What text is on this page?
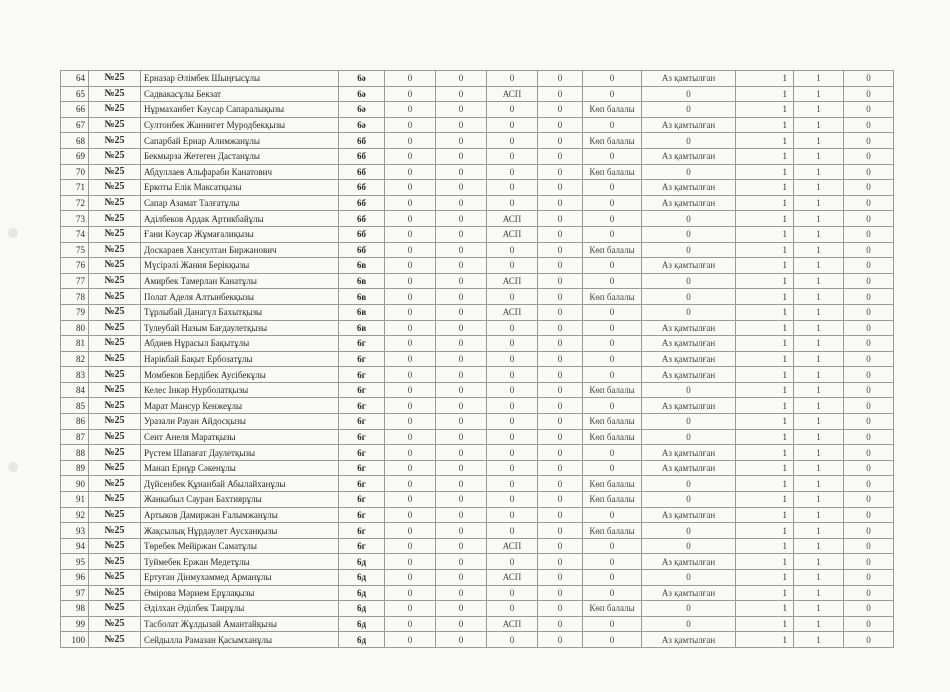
64	№25	Ерназар Әлімбек Шыңғысұлы	6ә	0	0	0	0	0	Аз қамтылған	1	1	0
65	№25	Садвакасұлы Бекзат	6ә	0	0	АСП	0	0	0	1	1	0
66	№25	Нұрмаханбет Кәусар Сапаралықызы	6ә	0	0	0	0	Көп балалы	0	1	1	0
67	№25	Султонбек Жаннигет Муродбекқызы	6ә	0	0	0	0	0	Аз қамтылған	1	1	0
68	№25	Сапарбай Ернар Алимжанұлы	6б	0	0	0	0	Көп балалы	0	1	1	0
69	№25	Бекмырза Жетеген Дастанұлы	6б	0	0	0	0	0	Аз қамтылған	1	1	0
70	№25	Абдуллаев Альфараби Канатович	6б	0	0	0	0	Көп балалы	0	1	1	0
71	№25	Еркоты Елік Максатқызы	6б	0	0	0	0	0	Аз қамтылған	1	1	0
72	№25	Сапар Азамат Талғатұлы	6б	0	0	0	0	0	Аз қамтылған	1	1	0
73	№25	Аділбеков Ардак Артикбайұлы	6б	0	0	АСП	0	0	0	1	1	0
74	№25	Ғани Кәусар Жұмағалиқызы	6б	0	0	АСП	0	0	0	1	1	0
75	№25	Доскараев Хансултан Биржанович	6б	0	0	0	0	Көп балалы	0	1	1	0
76	№25	Мүсірәлі Жания Берікқызы	6в	0	0	0	0	0	Аз қамтылған	1	1	0
77	№25	Амирбек Тамерлан Канатұлы	6в	0	0	АСП	0	0	0	1	1	0
78	№25	Полат Аделя Алтынбекқызы	6в	0	0	0	0	Көп балалы	0	1	1	0
79	№25	Тұрлыбай Данагүл Бахытқызы	6в	0	0	АСП	0	0	0	1	1	0
80	№25	Тулеубай Назым Бағдаулетқызы	6в	0	0	0	0	0	Аз қамтылған	1	1	0
81	№25	Абдиев Нұрасыл Бақытұлы	6г	0	0	0	0	0	Аз қамтылған	1	1	0
82	№25	Нәрікбай Бақыт Ербозатұлы	6г	0	0	0	0	0	Аз қамтылған	1	1	0
83	№25	Момбеков Бердібек Аусібекұлы	6г	0	0	0	0	0	Аз қамтылған	1	1	0
84	№25	Келес Інкәр Нурболатқызы	6г	0	0	0	0	Көп балалы	0	1	1	0
85	№25	Марат Мансур Кенжеұлы	6г	0	0	0	0	0	Аз қамтылған	1	1	0
86	№25	Уразали Рауан Айдосқызы	6г	0	0	0	0	Көп балалы	0	1	1	0
87	№25	Сеит Анеля Маратқызы	6г	0	0	0	0	Көп балалы	0	1	1	0
88	№25	Рүстем Шапағат Даулетқызы	6г	0	0	0	0	0	Аз қамтылған	1	1	0
89	№25	Манап Ернұр Сәкенұлы	6г	0	0	0	0	0	Аз қамтылған	1	1	0
90	№25	Дүйсенбек Құнанбай Абылайханұлы	6г	0	0	0	0	Көп балалы	0	1	1	0
91	№25	Жанкабыл Сауран Бахтиярұлы	6г	0	0	0	0	Көп балалы	0	1	1	0
92	№25	Артыков Дамиржан Ғалымжанұлы	6г	0	0	0	0	0	Аз қамтылған	1	1	0
93	№25	Жақсылық Нұрдаулет Аусханқызы	6г	0	0	0	0	Көп балалы	0	1	1	0
94	№25	Төребек Мейіржан Саматұлы	6г	0	0	АСП	0	0	0	1	1	0
95	№25	Туймебек Ержан Медетұлы	6д	0	0	0	0	0	Аз қамтылған	1	1	0
96	№25	Ертуған Дінмухаммед Арманұлы	6д	0	0	АСП	0	0	0	1	1	0
97	№25	Әмірова Мәрием Ерұлақызы	6д	0	0	0	0	0	Аз қамтылған	1	1	0
98	№25	Әділхан Әділбек Таирұлы	6д	0	0	0	0	Көп балалы	0	1	1	0
99	№25	Тасболат Жұлдызай Амантайқызы	6д	0	0	АСП	0	0	0	1	1	0
100	№25	Сейдылла Рамазан Қасымханұлы	6д	0	0	0	0	0	Аз қамтылған	1	1	0
